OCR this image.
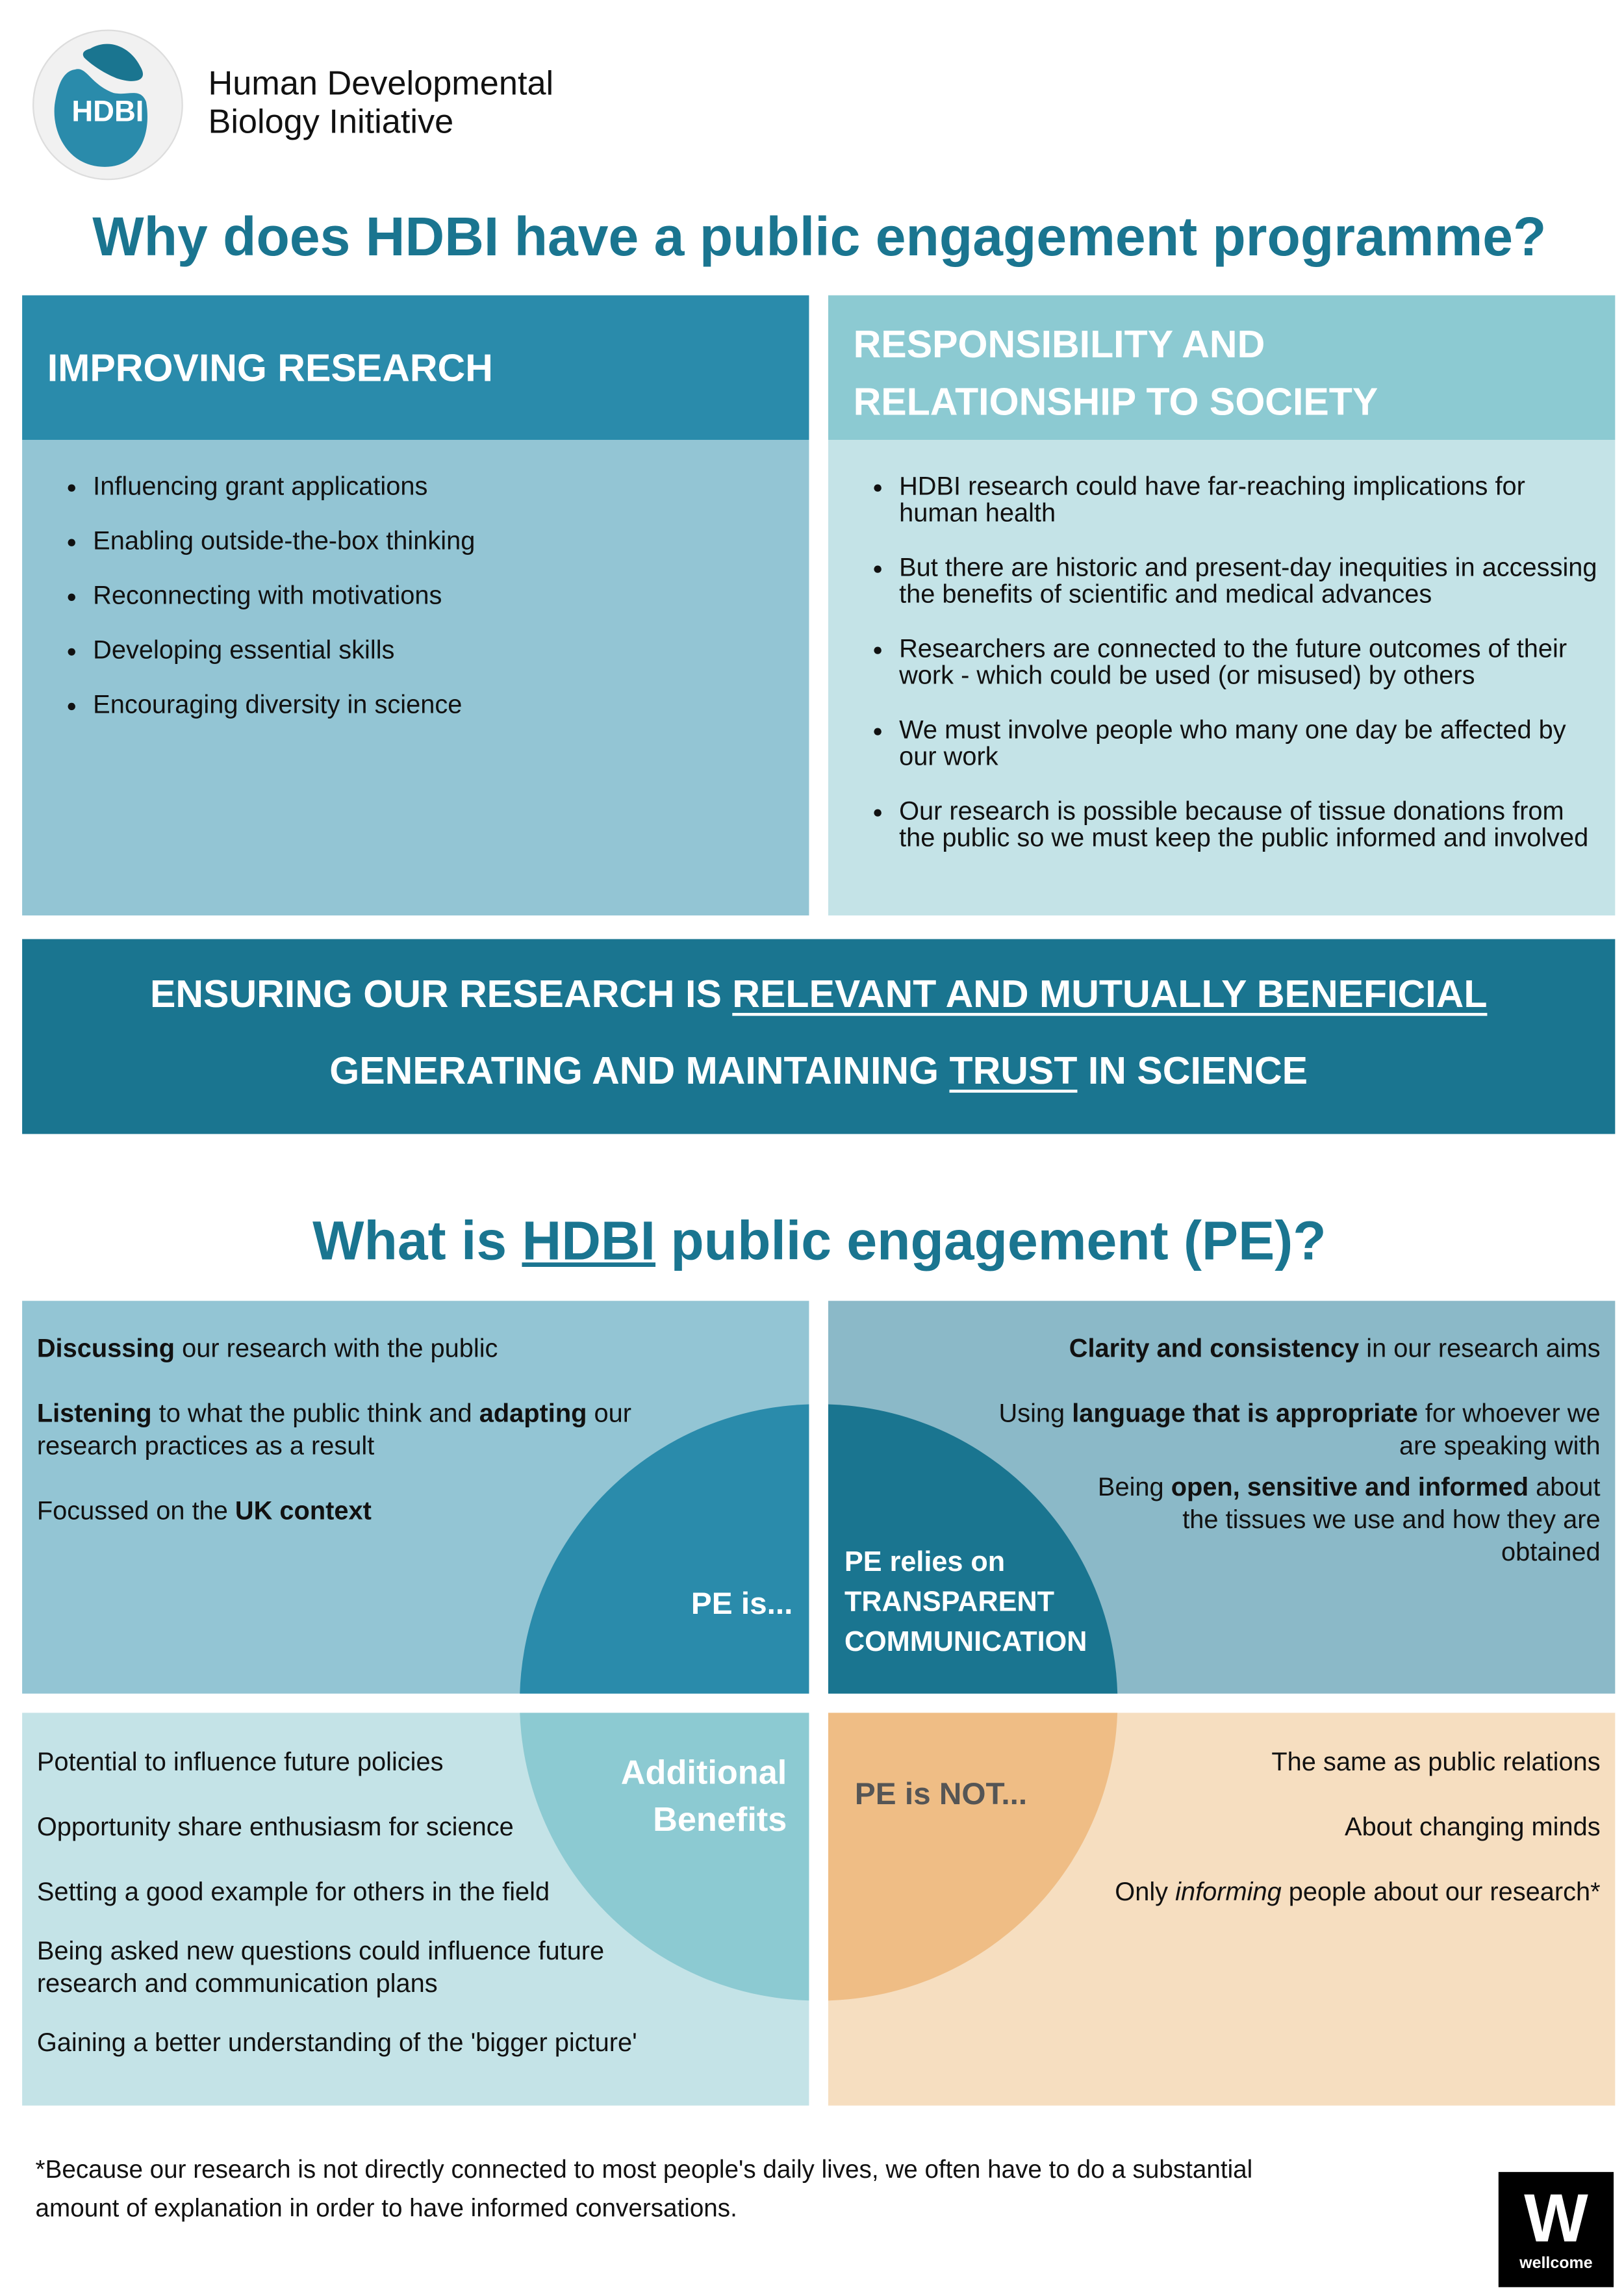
HDBI
Human Developmental
Biology Initiative
Why does HDBI have a public engagement programme?
IMPROVING RESEARCH
• Influencing grant applications
• Enabling outside-the-box thinking
• Reconnecting with motivations
• Developing essential skills
• Encouraging diversity in science
RESPONSIBILITY AND
RELATIONSHIP TO SOCIETY
• HDBI research could have far-reaching implications for human health
• But there are historic and present-day inequities in accessing the benefits of scientific and medical advances
• Researchers are connected to the future outcomes of their work - which could be used (or misused) by others
• We must involve people who many one day be affected by our work
• Our research is possible because of tissue donations from the public so we must keep the public informed and involved
ENSURING OUR RESEARCH IS RELEVANT AND MUTUALLY BENEFICIAL
GENERATING AND MAINTAINING TRUST IN SCIENCE
What is HDBI public engagement (PE)?

Discussing our research with the public

Listening to what the public think and adapting our research practices as a result

Focussed on the UK context

PE is...

Clarity and consistency in our research aims

Using language that is appropriate for whoever we are speaking with

Being open, sensitive and informed about the tissues we use and how they are obtained

PE relies on
TRANSPARENT
COMMUNICATION

Potential to influence future policies

Opportunity share enthusiasm for science

Setting a good example for others in the field

Being asked new questions could influence future research and communication plans

Gaining a better understanding of the 'bigger picture'

Additional
Benefits

The same as public relations

About changing minds

Only informing people about our research*

PE is NOT...
*Because our research is not directly connected to most people's daily lives, we often have to do a substantial
amount of explanation in order to have informed conversations.	W
wellcome
